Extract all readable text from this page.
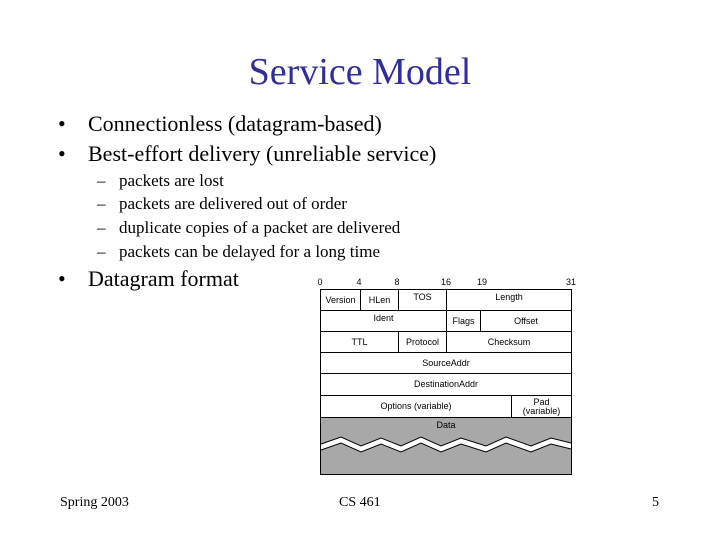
Service Model
• Connectionless (datagram-based)
• Best-effort delivery (unreliable service)
– packets are lost
– packets are delivered out of order
– duplicate copies of a packet are delivered
– packets can be delayed for a long time
• Datagram format	0	4	8	16	19	31
Version	HLen	TOS	Length
Ident	Flags	Offset
TTL	Protocol	Checksum
SourceAddr
DestinationAddr
Options (variable)	Pad
(variable)
Data
Spring 2003	CS 461	5
